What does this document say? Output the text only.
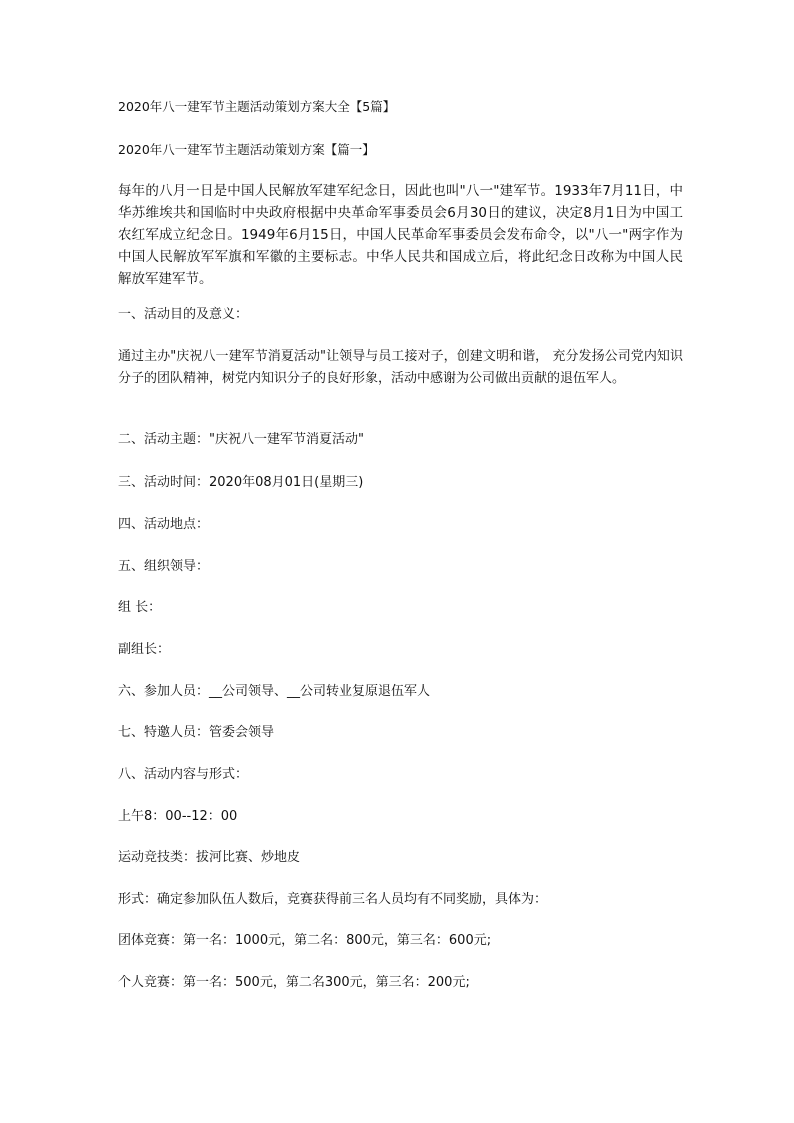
2020年八一建军节主题活动策划方案大全【5篇】

2020年八一建军节主题活动策划方案【篇一】

每年的八月一日是中国人民解放军建军纪念日，因此也叫"八一"建军节。1933年7月11日，中华苏维埃共和国临时中央政府根据中央革命军事委员会6月30日的建议，决定8月1日为中国工农红军成立纪念日。1949年6月15日，中国人民革命军事委员会发布命令，以"八一"两字作为中国人民解放军军旗和军徽的主要标志。中华人民共和国成立后，将此纪念日改称为中国人民解放军建军节。

一、活动目的及意义：

通过主办"庆祝八一建军节消夏活动"让领导与员工接对子，创建文明和谐， 充分发扬公司党内知识分子的团队精神，树党内知识分子的良好形象，活动中感谢为公司做出贡献的退伍军人。

二、活动主题："庆祝八一建军节消夏活动"

三、活动时间：2020年08月01日(星期三)

四、活动地点：

五、组织领导：

组 长：

副组长：

六、参加人员：__公司领导、__公司转业复原退伍军人

七、特邀人员：管委会领导

八、活动内容与形式：

上午8：00--12：00

运动竞技类：拔河比赛、炒地皮

形式：确定参加队伍人数后，竞赛获得前三名人员均有不同奖励，具体为：

团体竞赛：第一名：1000元，第二名：800元，第三名：600元;

个人竞赛：第一名：500元，第二名300元，第三名：200元;
